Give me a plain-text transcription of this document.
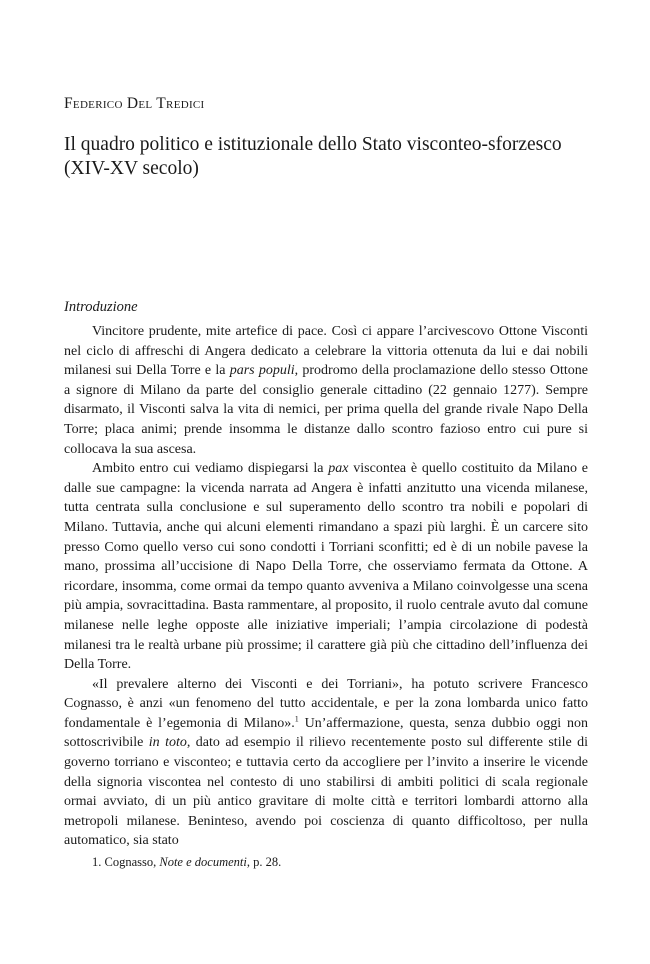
Federico Del Tredici
Il quadro politico e istituzionale dello Stato visconteo-sforzesco (XIV-XV secolo)
Introduzione

Vincitore prudente, mite artefice di pace. Così ci appare l’arcivescovo Ottone Visconti nel ciclo di affreschi di Angera dedicato a celebrare la vittoria ottenuta da lui e dai nobili milanesi sui Della Torre e la pars populi, prodromo della proclamazione dello stesso Ottone a signore di Milano da parte del consiglio generale cittadino (22 gennaio 1277). Sempre disarmato, il Visconti salva la vita di nemici, per prima quella del grande rivale Napo Della Torre; placa animi; prende insomma le distanze dallo scontro fazioso entro cui pure si collocava la sua ascesa.

Ambito entro cui vediamo dispiegarsi la pax viscontea è quello costituito da Milano e dalle sue campagne: la vicenda narrata ad Angera è infatti anzitutto una vicenda milanese, tutta centrata sulla conclusione e sul superamento dello scontro tra nobili e popolari di Milano. Tuttavia, anche qui alcuni elementi rimandano a spazi più larghi. È un carcere sito presso Como quello verso cui sono condotti i Torriani sconfitti; ed è di un nobile pavese la mano, prossima all’uccisione di Napo Della Torre, che osserviamo fermata da Ottone. A ricordare, insomma, come ormai da tempo quanto avveniva a Milano coinvolgesse una scena più ampia, sovracittadina. Basta rammentare, al proposito, il ruolo centrale avuto dal comune milanese nelle leghe opposte alle iniziative imperiali; l’ampia circolazione di podestà milanesi tra le realtà urbane più prossime; il carattere già più che cittadino dell’influenza dei Della Torre.

«Il prevalere alterno dei Visconti e dei Torriani», ha potuto scrivere Francesco Cognasso, è anzi «un fenomeno del tutto accidentale, e per la zona lombarda unico fatto fondamentale è l’egemonia di Milano».$^1$ Un’affermazione, questa, senza dubbio oggi non sottoscrivibile in toto, dato ad esempio il rilievo recentemente posto sul differente stile di governo torriano e visconteo; e tuttavia certo da accogliere per l’invito a inserire le vicende della signoria viscontea nel contesto di uno stabilirsi di ambiti politici di scala regionale ormai avviato, di un più antico gravitare di molte città e territori lombardi attorno alla metropoli milanese. Beninteso, avendo poi coscienza di quanto difficoltoso, per nulla automatico, sia stato

1. Cognasso, Note e documenti, p. 28.
